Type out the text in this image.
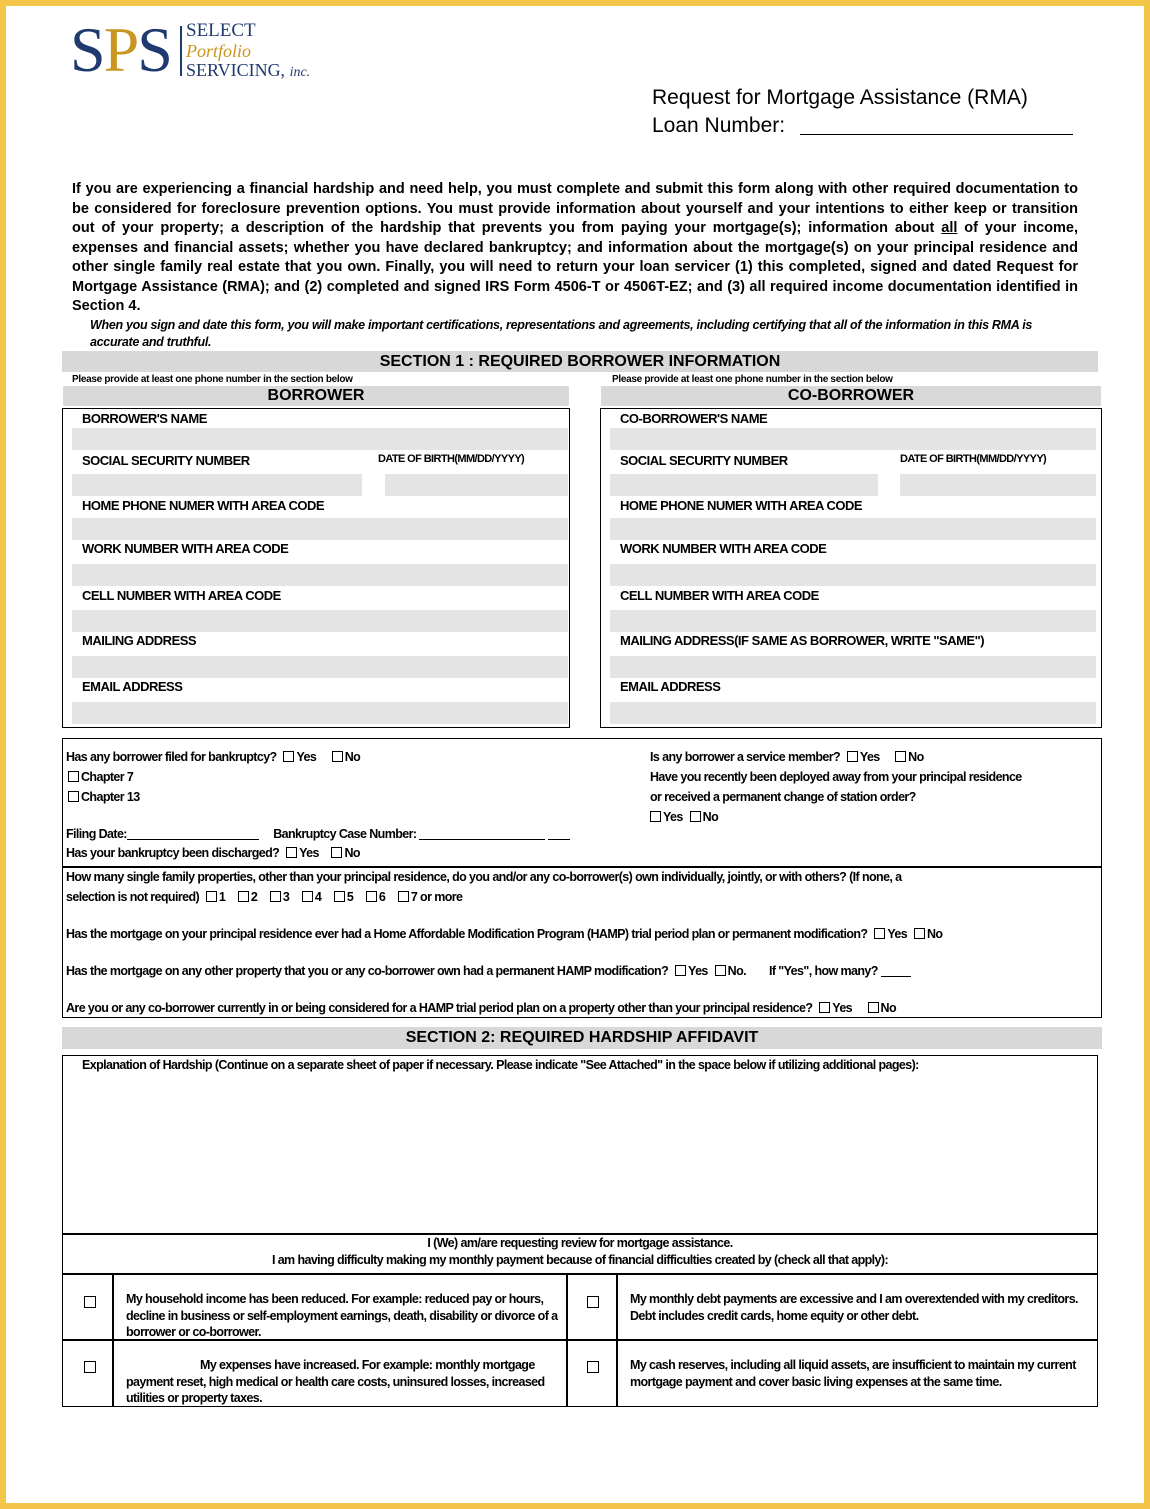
SPS SELECT
Portfolio
SERVICING, inc.
Request for Mortgage Assistance (RMA)
Loan Number:
If you are experiencing a financial hardship and need help, you must complete and submit this form along with other required documentation to be considered for foreclosure prevention options. You must provide information about yourself and your intentions to either keep or transition out of your property; a description of the hardship that prevents you from paying your mortgage(s); information about all of your income, expenses and financial assets; whether you have declared bankruptcy; and information about the mortgage(s) on your principal residence and other single family real estate that you own. Finally, you will need to return your loan servicer (1) this completed, signed and dated Request for Mortgage Assistance (RMA); and (2) completed and signed IRS Form 4506-T or 4506T-EZ; and (3) all required income documentation identified in Section 4.
When you sign and date this form, you will make important certifications, representations and agreements, including certifying that all of the information in this RMA is accurate and truthful.
SECTION 1 : REQUIRED BORROWER INFORMATION
Please provide at least one phone number in the section below	Please provide at least one phone number in the section below
BORROWER	CO-BORROWER
BORROWER'S NAME
SOCIAL SECURITY NUMBER	DATE OF BIRTH(MM/DD/YYYY)
HOME PHONE NUMER WITH AREA CODE
WORK NUMBER WITH AREA CODE
CELL NUMBER WITH AREA CODE
MAILING ADDRESS
EMAIL ADDRESS
CO-BORROWER'S NAME
SOCIAL SECURITY NUMBER	DATE OF BIRTH(MM/DD/YYYY)
HOME PHONE NUMER WITH AREA CODE
WORK NUMBER WITH AREA CODE
CELL NUMBER WITH AREA CODE
MAILING ADDRESS(IF SAME AS BORROWER, WRITE "SAME")
EMAIL ADDRESS
Has any borrower filed for bankruptcy? Yes No
Chapter 7
Chapter 13
Filing Date:	Bankruptcy Case Number:
Has your bankruptcy been discharged? Yes No
Is any borrower a service member? Yes No
Have you recently been deployed away from your principal residence
or received a permanent change of station order?
Yes No
How many single family properties, other than your principal residence, do you and/or any co-borrower(s) own individually, jointly, or with others? (If none, a
selection is not required) 1 2 3 4 5 6 7 or more
Has the mortgage on your principal residence ever had a Home Affordable Modification Program (HAMP) trial period plan or permanent modification? Yes No
Has the mortgage on any other property that you or any co-borrower own had a permanent HAMP modification? Yes No. If "Yes", how many?
Are you or any co-borrower currently in or being considered for a HAMP trial period plan on a property other than your principal residence? Yes No
SECTION 2: REQUIRED HARDSHIP AFFIDAVIT
Explanation of Hardship (Continue on a separate sheet of paper if necessary. Please indicate "See Attached" in the space below if utilizing additional pages):
I (We) am/are requesting review for mortgage assistance.
I am having difficulty making my monthly payment because of financial difficulties created by (check all that apply):
My household income has been reduced. For example: reduced pay or hours, decline in business or self-employment earnings, death, disability or divorce of a borrower or co-borrower.
My monthly debt payments are excessive and I am overextended with my creditors. Debt includes credit cards, home equity or other debt.
My expenses have increased. For example: monthly mortgage payment reset, high medical or health care costs, uninsured losses, increased utilities or property taxes.
My cash reserves, including all liquid assets, are insufficient to maintain my current mortgage payment and cover basic living expenses at the same time.
